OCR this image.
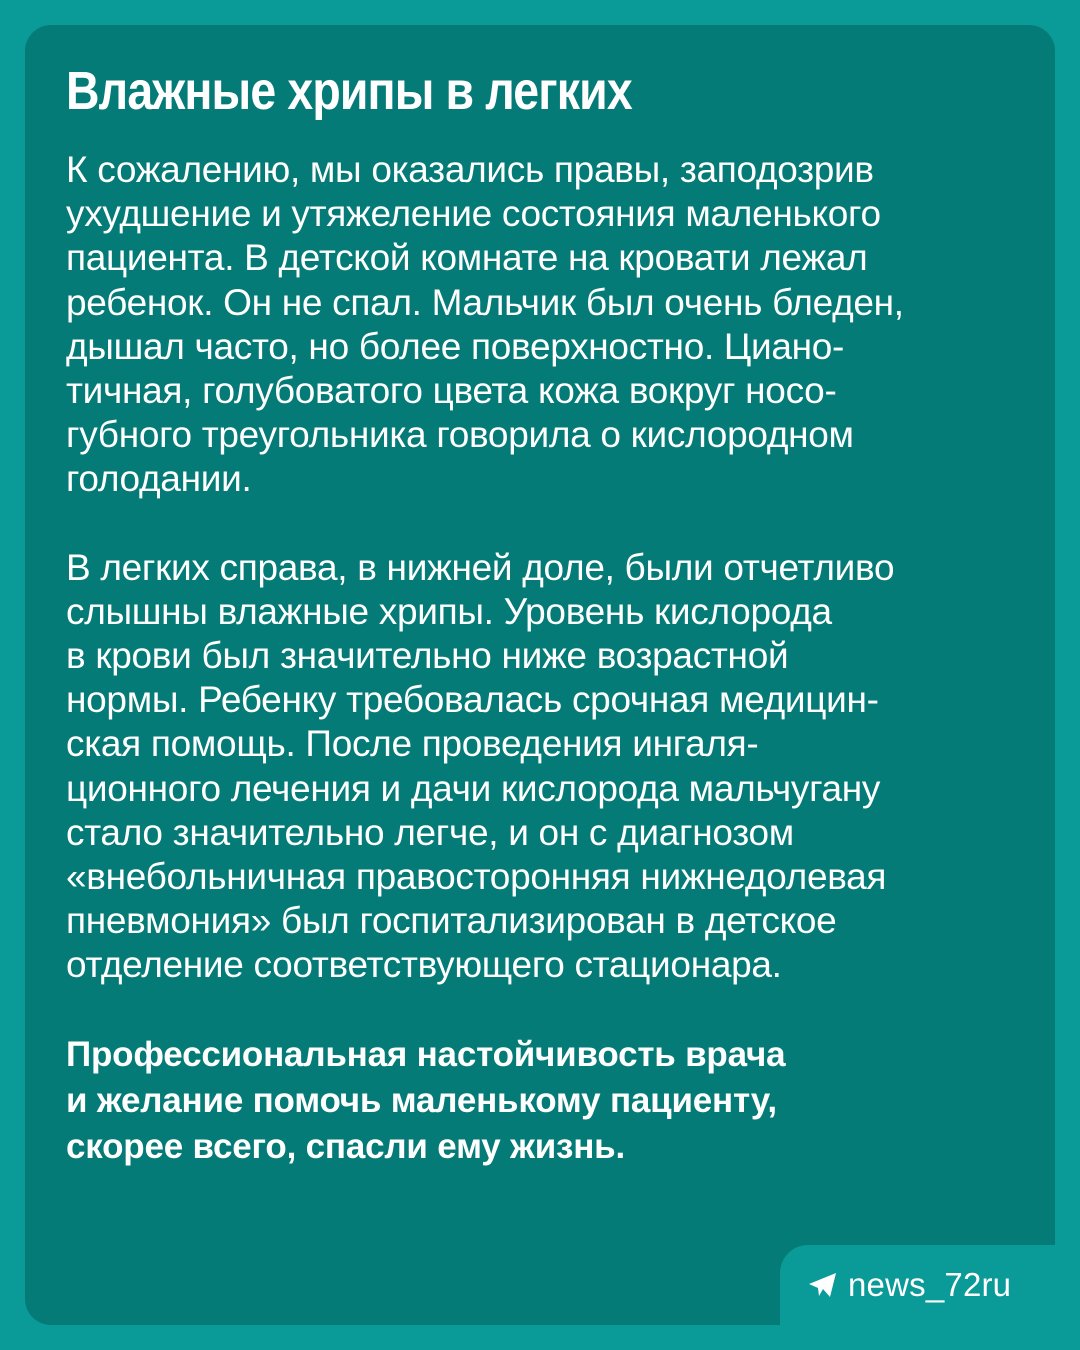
Влажные хрипы в легких

К сожалению, мы оказались правы, заподозрив
ухудшение и утяжеление состояния маленького
пациента. В детской комнате на кровати лежал
ребенок. Он не спал. Мальчик был очень бледен,
дышал часто, но более поверхностно. Циано-
тичная, голубоватого цвета кожа вокруг носо-
губного треугольника говорила о кислородном
голодании.

В легких справа, в нижней доле, были отчетливо
слышны влажные хрипы. Уровень кислорода
в крови был значительно ниже возрастной
нормы. Ребенку требовалась срочная медицин-
ская помощь. После проведения ингаля-
ционного лечения и дачи кислорода мальчугану
стало значительно легче, и он с диагнозом
«внебольничная правосторонняя нижнедолевая
пневмония» был госпитализирован в детское
отделение соответствующего стационара.

Профессиональная настойчивость врача
и желание помочь маленькому пациенту,
скорее всего, спасли ему жизнь.

news_72ru
